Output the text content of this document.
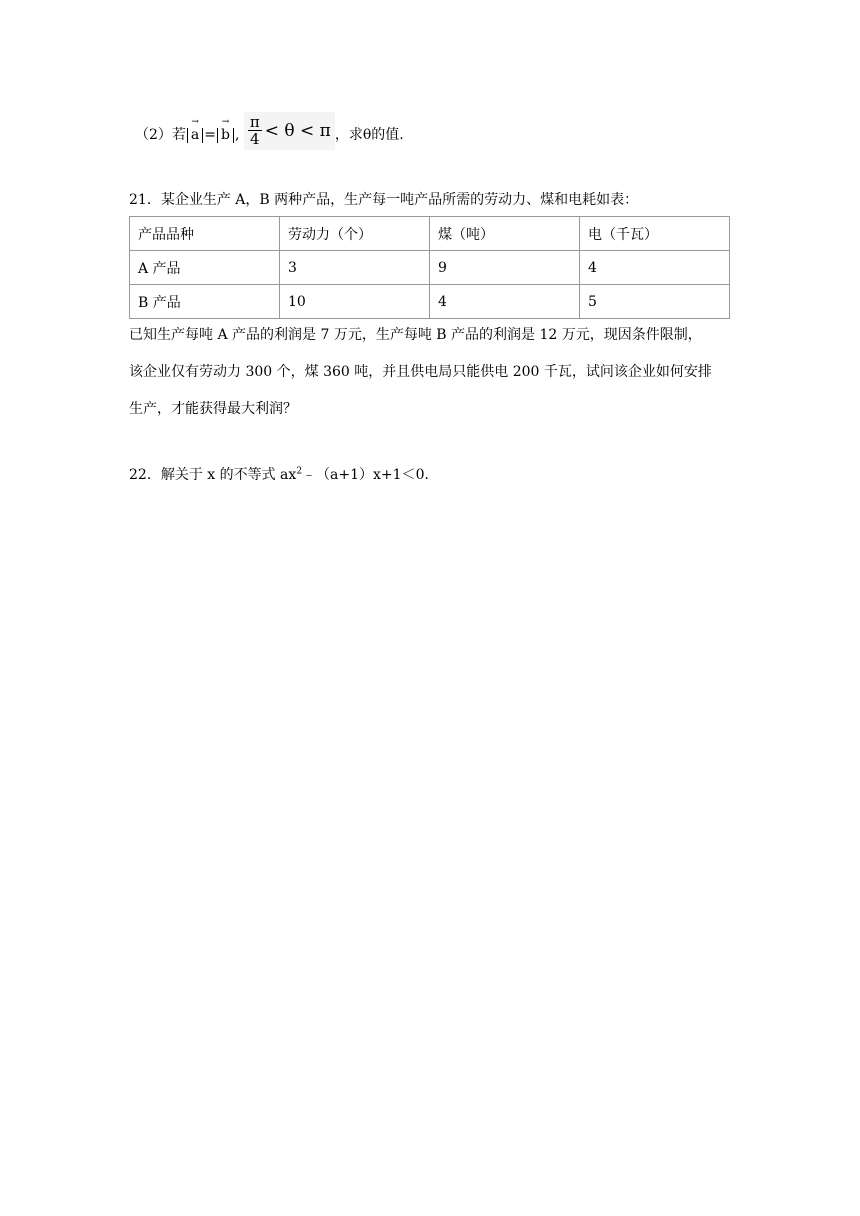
（2）若 → a = → b , $\frac{\pi}{4} < \theta < \pi$ ，求θ的值.
21．某企业生产 A，B 两种产品，生产每一吨产品所需的劳动力、煤和电耗如表：
产品品种	劳动力（个）	煤（吨）	电（千瓦）
A 产品	3	9	4
B 产品	10	4	5
已知生产每吨 A 产品的利润是 7 万元，生产每吨 B 产品的利润是 12 万元，现因条件限制，
该企业仅有劳动力 300 个，煤 360 吨，并且供电局只能供电 200 千瓦，试问该企业如何安排
生产，才能获得最大利润？
22．解关于 x 的不等式 $ax^2﹣(a+1)x+1<0$．
